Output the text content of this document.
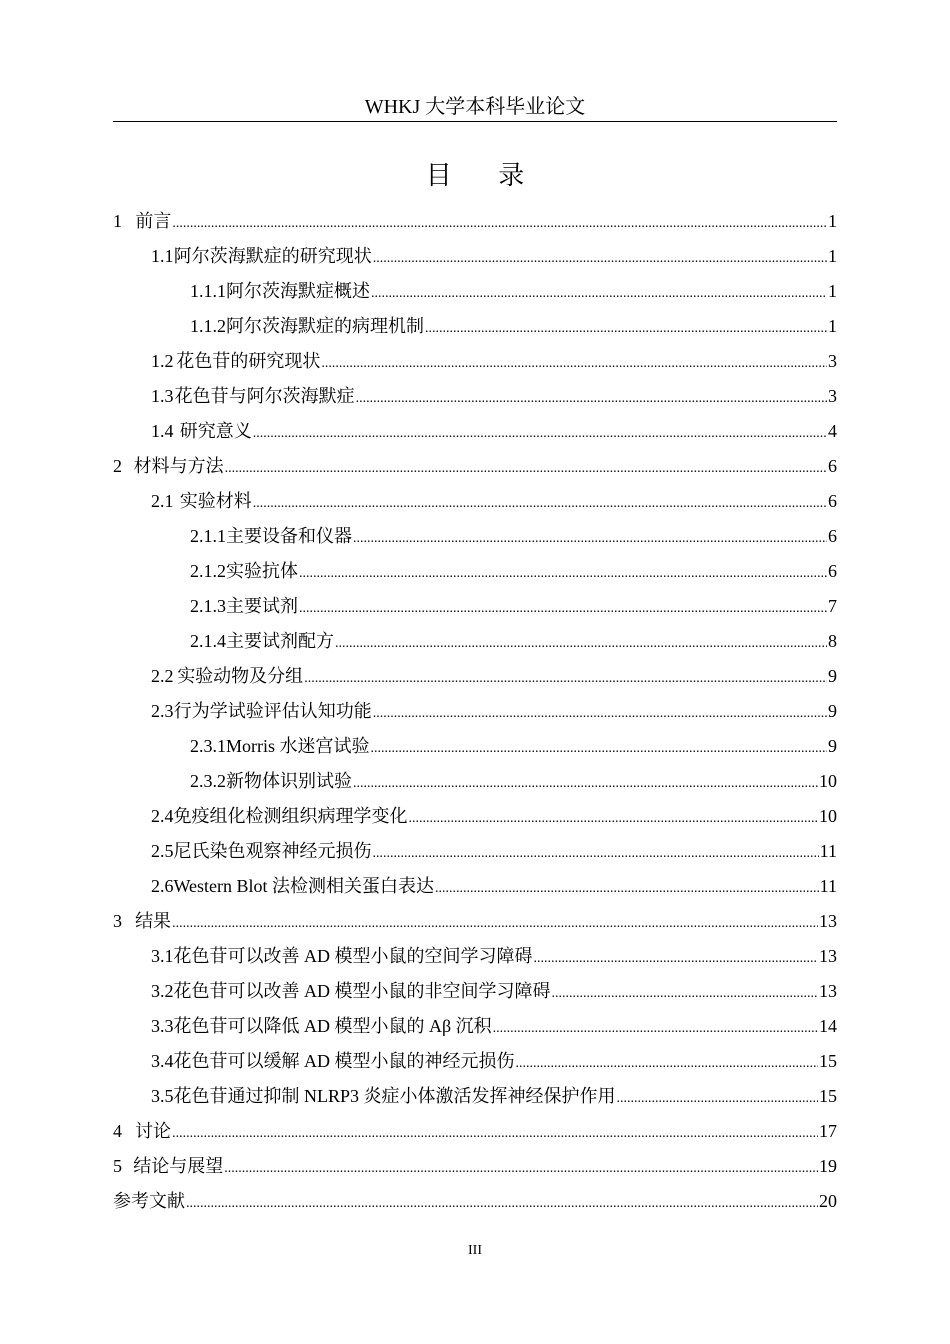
WHKJ 大学本科毕业论文
目 录
1 前言 .....	1
1.1 阿尔茨海默症的研究现状 .....	1
1.1.1 阿尔茨海默症概述 .....	1
1.1.2 阿尔茨海默症的病理机制 .....	1
1.2 花色苷的研究现状 .....	3
1.3 花色苷与阿尔茨海默症 .....	3
1.4 研究意义 .....	4
2 材料与方法 .....	6
2.1 实验材料 .....	6
2.1.1 主要设备和仪器 .....	6
2.1.2 实验抗体 .....	6
2.1.3 主要试剂 .....	7
2.1.4 主要试剂配方 .....	8
2.2 实验动物及分组 .....	9
2.3 行为学试验评估认知功能 .....	9
2.3.1 Morris 水迷宫试验 .....	9
2.3.2 新物体识别试验 .....	10
2.4 免疫组化检测组织病理学变化 .....	10
2.5 尼氏染色观察神经元损伤 .....	11
2.6 Western Blot 法检测相关蛋白表达 .....	11
3 结果 .....	13
3.1 花色苷可以改善 AD 模型小鼠的空间学习障碍 .....	13
3.2 花色苷可以改善 AD 模型小鼠的非空间学习障碍 .....	13
3.3 花色苷可以降低 AD 模型小鼠的 Aβ 沉积 .....	14
3.4 花色苷可以缓解 AD 模型小鼠的神经元损伤 .....	15
3.5 花色苷通过抑制 NLRP3 炎症小体激活发挥神经保护作用 .....	15
4 讨论 .....	17
5 结论与展望 .....	19
参考文献 .....	20
III
